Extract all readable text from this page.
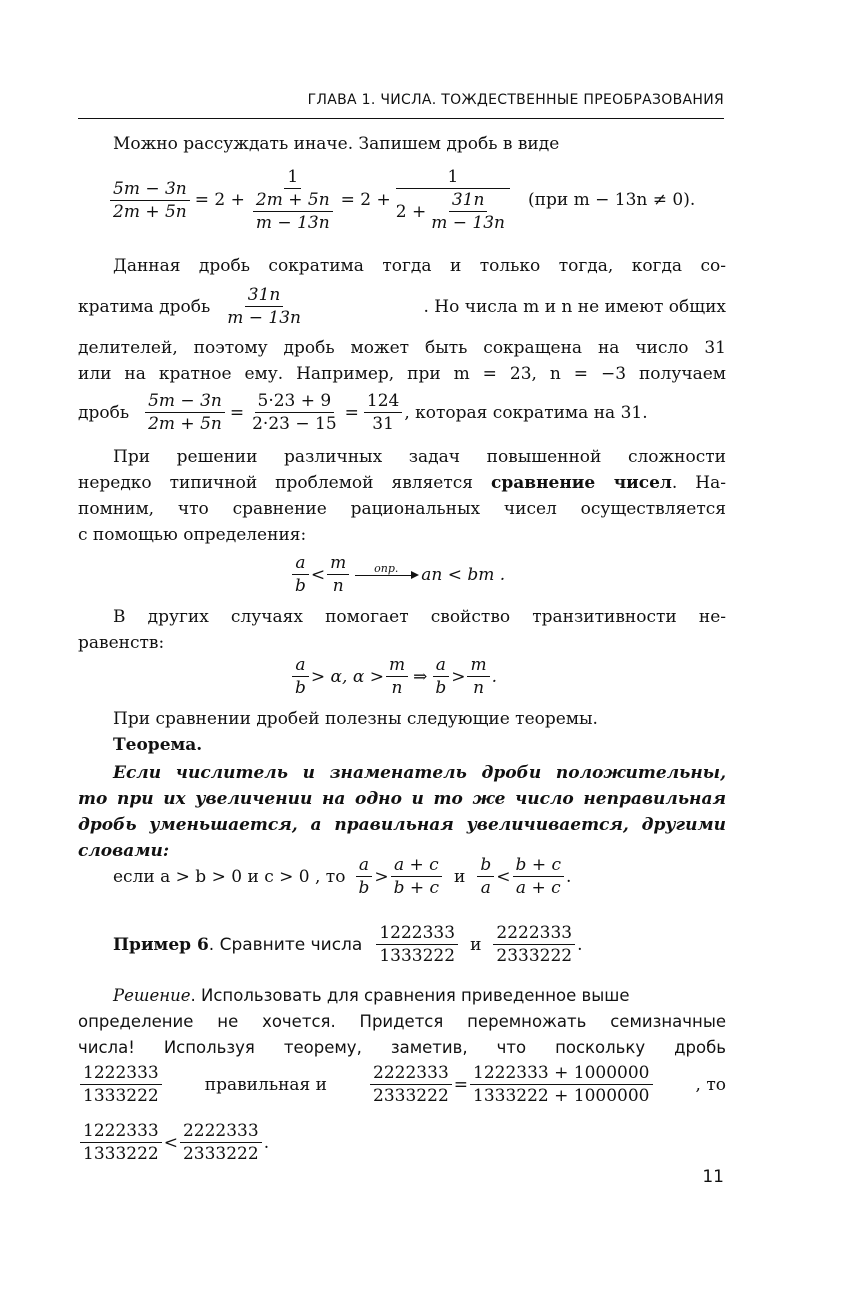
ГЛАВА 1. ЧИСЛА. ТОЖДЕСТВЕННЫЕ ПРЕОБРАЗОВАНИЯ
Можно рассуждать иначе. Запишем дробь в виде
$\frac{5m - 3n}{2m + 5n} = 2 + \frac{1}{\frac{2m + 5n}{m - 13n}} = 2 + \frac{1}{2 + \frac{31n}{m - 13n}} (при$ m − 13n ≠ 0).
Данная дробь сократима тогда и только тогда, когда со-
кратима дробь $\frac{31n}{m - 13n}$	. Но числа m и n не имеют общих
делителей, поэтому дробь может быть сокращена на число 31
или на кратное ему. Например, при m = 23, n = −3 получаем
дробь $\frac{5m - 3n}{2m + 5n} = \frac{5\cdot 23 + 9}{2\cdot 23 - 15} = \frac{124}{31}$ , которая сократима на 31.
При решении различных задач повышенной сложности
нередко типичной проблемой является сравнение чисел. На-
помним, что сравнение рациональных чисел осуществляется
с помощью определения:
$\frac{a}{b} < \frac{m}{n}$ опр. an < bm .
В других случаях помогает свойство транзитивности не-
равенств:
$\frac{a}{b} > \alpha$, $\alpha > \frac{m}{n}$ ⇒ $\frac{a}{b} > \frac{m}{n}$ .
При сравнении дробей полезны следующие теоремы.
Теорема.
Если числитель и знаменатель дроби положительны,
то при их увеличении на одно и то же число неправильная
дробь уменьшается, а правильная увеличивается, другими
словами:
если a > b > 0 и c > 0 , то $\frac{a}{b} > \frac{a + c}{b + c}$ и $\frac{b}{a} < \frac{b + c}{a + c}$ .
Пример 6 . Сравните числа $\frac{1222333}{1333222}$ и $\frac{2222333}{2333222}$ .
Решение. Использовать для сравнения приведенное выше
определение не хочется. Придется перемножать семизначные
числа! Используя теорему, заметив, что поскольку дробь
$\frac{1222333}{1333222}$	правильная и	$\frac{2222333}{2333222} = \frac{1222333 + 1000000}{1333222 + 1000000}$	, то
$\frac{1222333}{1333222} < \frac{2222333}{2333222}$ .
11
